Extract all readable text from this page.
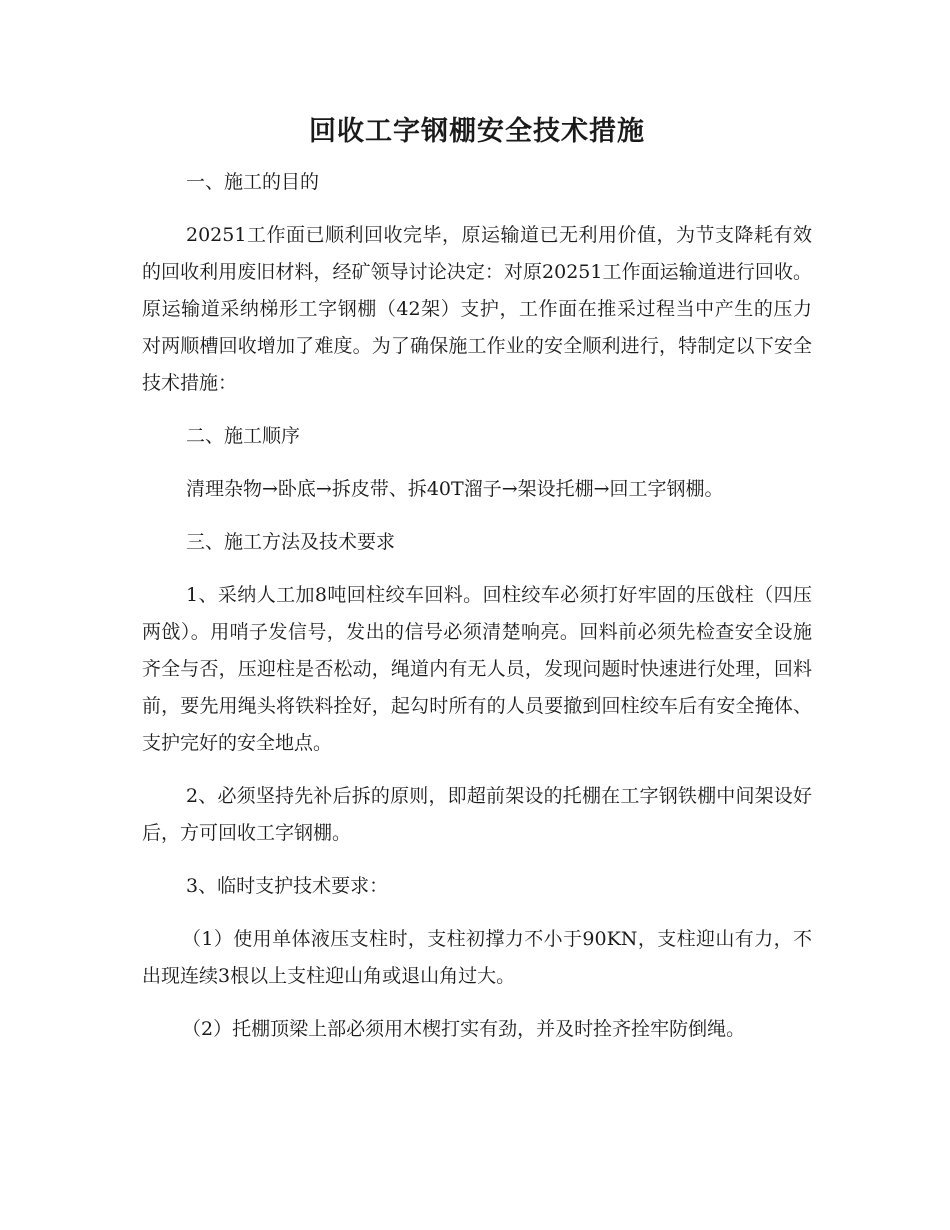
回收工字钢棚安全技术措施

一、施工的目的

20251工作面已顺利回收完毕，原运输道已无利用价值，为节支降耗有效的回收利用废旧材料，经矿领导讨论决定：对原20251工作面运输道进行回收。原运输道采纳梯形工字钢棚（42架）支护，工作面在推采过程当中产生的压力对两顺槽回收增加了难度。为了确保施工作业的安全顺利进行，特制定以下安全技术措施：

二、施工顺序

清理杂物→卧底→拆皮带、拆40T溜子→架设托棚→回工字钢棚。

三、施工方法及技术要求

1、采纳人工加8吨回柱绞车回料。回柱绞车必须打好牢固的压戗柱（四压两戗）。用哨子发信号，发出的信号必须清楚响亮。回料前必须先检查安全设施齐全与否，压迎柱是否松动，绳道内有无人员，发现问题时快速进行处理，回料前，要先用绳头将铁料拴好，起勾时所有的人员要撤到回柱绞车后有安全掩体、支护完好的安全地点。

2、必须坚持先补后拆的原则，即超前架设的托棚在工字钢铁棚中间架设好后，方可回收工字钢棚。

3、临时支护技术要求：

（1）使用单体液压支柱时，支柱初撑力不小于90KN，支柱迎山有力，不出现连续3根以上支柱迎山角或退山角过大。

（2）托棚顶梁上部必须用木楔打实有劲，并及时拴齐拴牢防倒绳。
